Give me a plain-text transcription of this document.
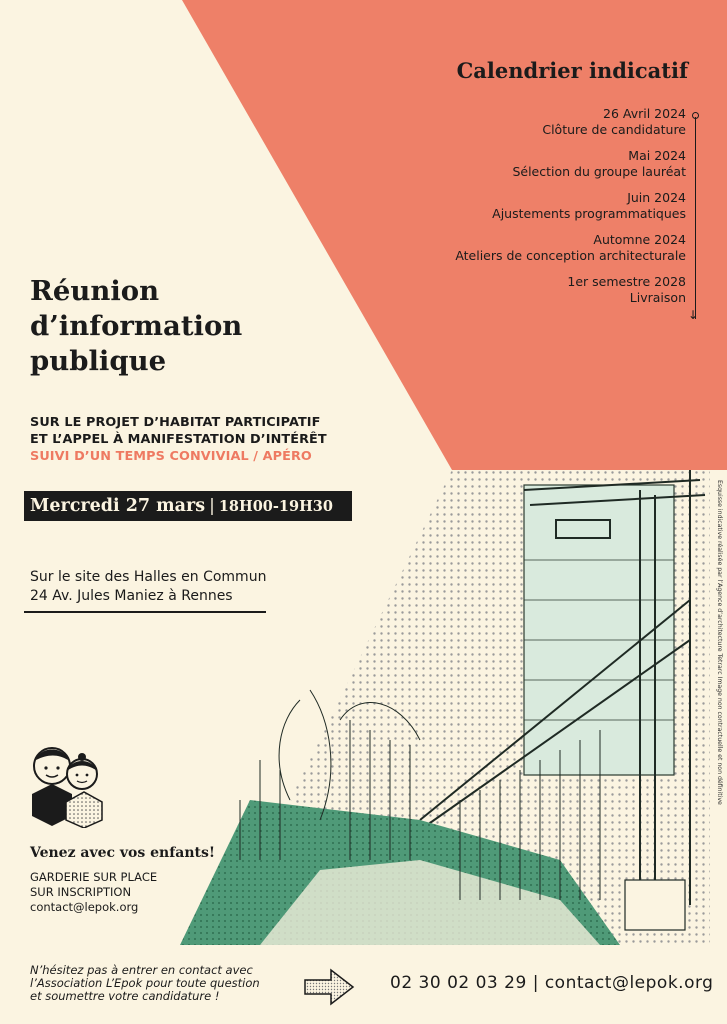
Esquisse indicative réalisée par l’Agence d’architecture Tetrarc Image non contractuelle et non définitive
Calendrier indicatif
↓
26 Avril 2024
Clôture de candidature
Mai 2024
Sélection du groupe lauréat
Juin 2024
Ajustements programmatiques
Automne 2024
Ateliers de conception architecturale
1er semestre 2028
Livraison
Réunion
d’information
publique
SUR LE PROJET D’HABITAT PARTICIPATIF
ET L’APPEL À MANIFESTATION D’INTÉRÊT
SUIVI D’UN TEMPS CONVIVIAL / APÉRO
Mercredi 27 mars | 18H00-19H30
Sur le site des Halles en Commun
24 Av. Jules Maniez à Rennes
Venez avec vos enfants!
GARDERIE SUR PLACE
SUR INSCRIPTION
contact@lepok.org
N’hésitez pas à entrer en contact avec
l’Association L’Epok pour toute question
et soumettre votre candidature !
02 30 02 03 29 | contact@lepok.org
